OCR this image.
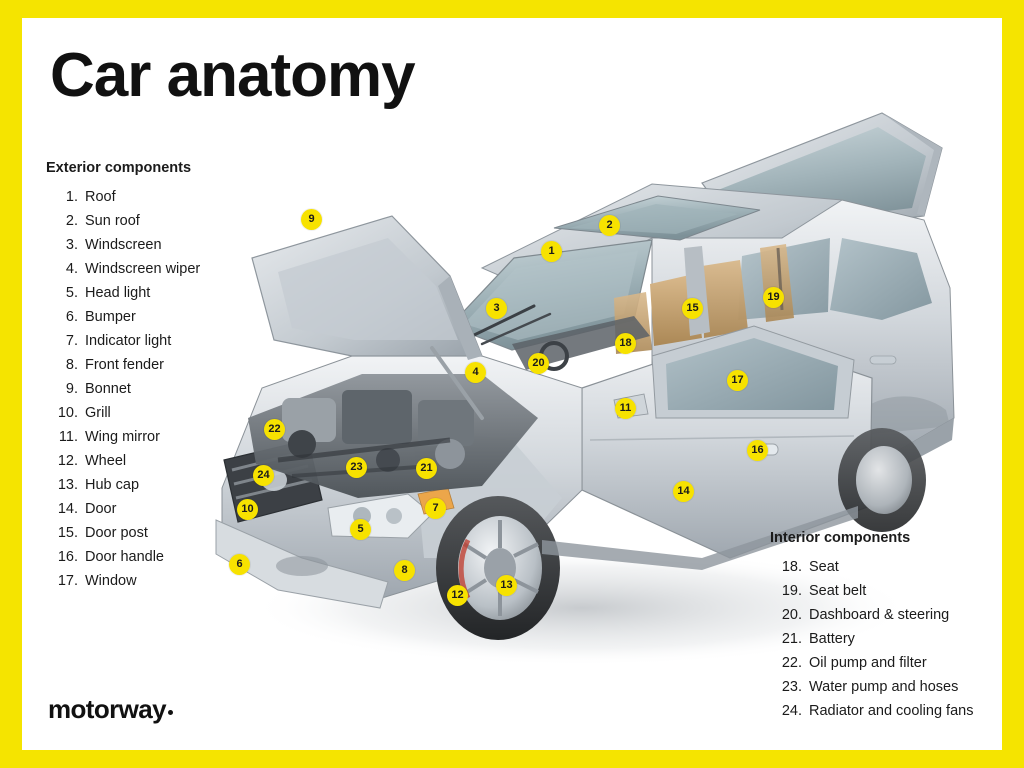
Car anatomy
1
2
3
4
5
6
7
8
9
10
11
12
13
14
15
16
17
18
19
20
21
22
23
24
Exterior components
1. Roof
2. Sun roof
3. Windscreen
4. Windscreen wiper
5. Head light
6. Bumper
7. Indicator light
8. Front fender
9. Bonnet
10. Grill
11. Wing mirror
12. Wheel
13. Hub cap
14. Door
15. Door post
16. Door handle
17. Window
Interior components
18. Seat
19. Seat belt
20. Dashboard & steering
21. Battery
22. Oil pump and filter
23. Water pump and hoses
24. Radiator and cooling fans
motorway
